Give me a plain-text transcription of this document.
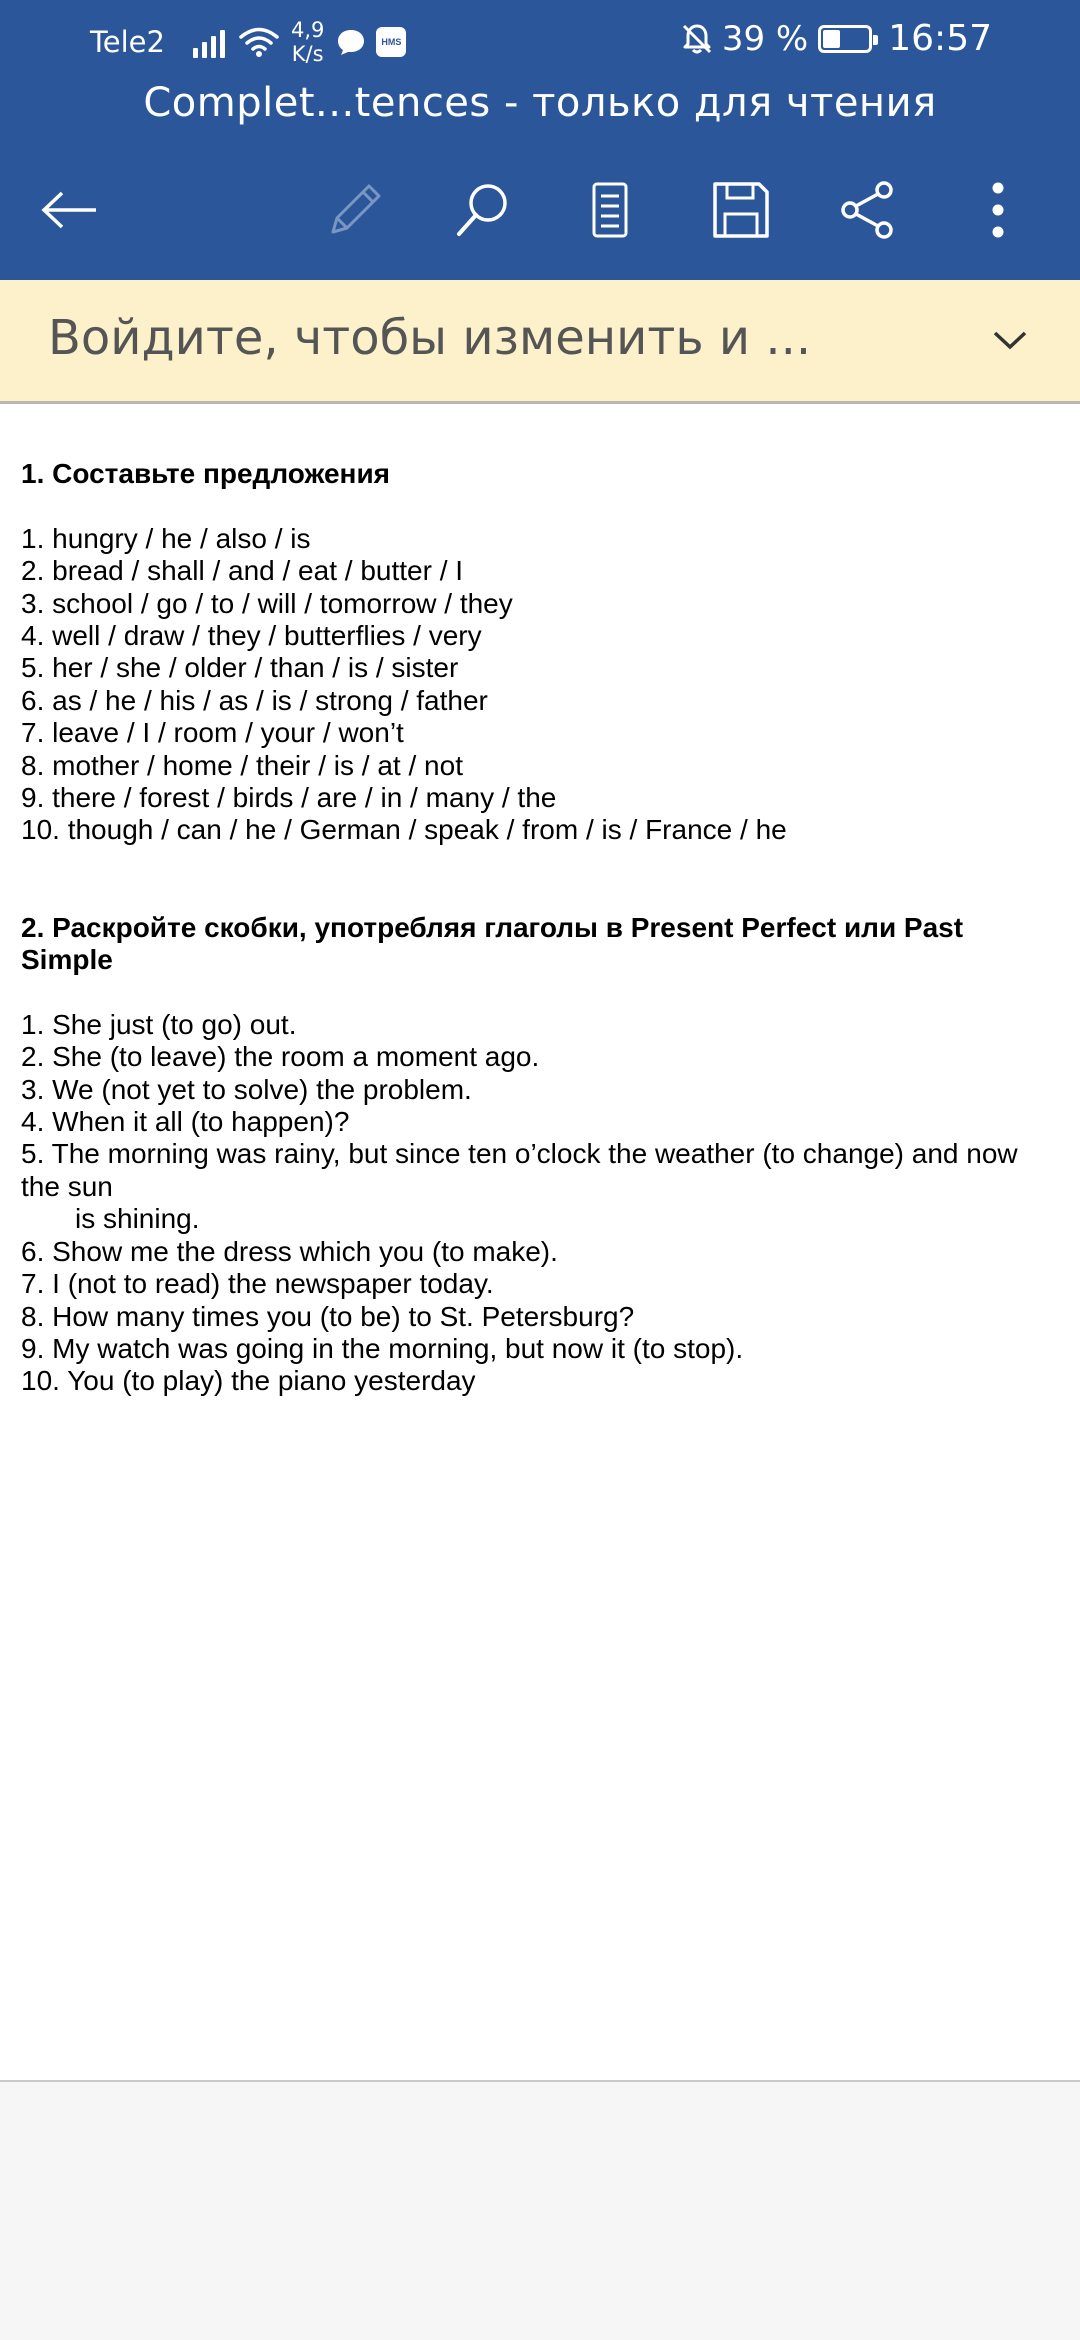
Tele2	4,9
K/s	HMS	39 % 16:57
Complet...tences - только для чтения
Войдите, чтобы изменить и ...
1. Составьте предложения
1. hungry / he / also / is
2. bread / shall / and / eat / butter / I
3. school / go / to / will / tomorrow / they
4. well / draw / they / butterflies / very
5. her / she / older / than / is / sister
6. as / he / his / as / is / strong / father
7. leave / I / room / your / won’t
8. mother / home / their / is / at / not
9. there / forest / birds / are / in / many / the
10. though / can / he / German / speak / from / is / France / he
2. Раскройте скобки, употребляя глаголы в Present Perfect или Past Simple
1. She just (to go) out.
2. She (to leave) the room a moment ago.
3. We (not yet to solve) the problem.
4. When it all (to happen)?
5. The morning was rainy, but since ten o’clock the weather (to change) and now the sun
is shining.
6. Show me the dress which you (to make).
7. I (not to read) the newspaper today.
8. How many times you (to be) to St. Petersburg?
9. My watch was going in the morning, but now it (to stop).
10. You (to play) the piano yesterday
